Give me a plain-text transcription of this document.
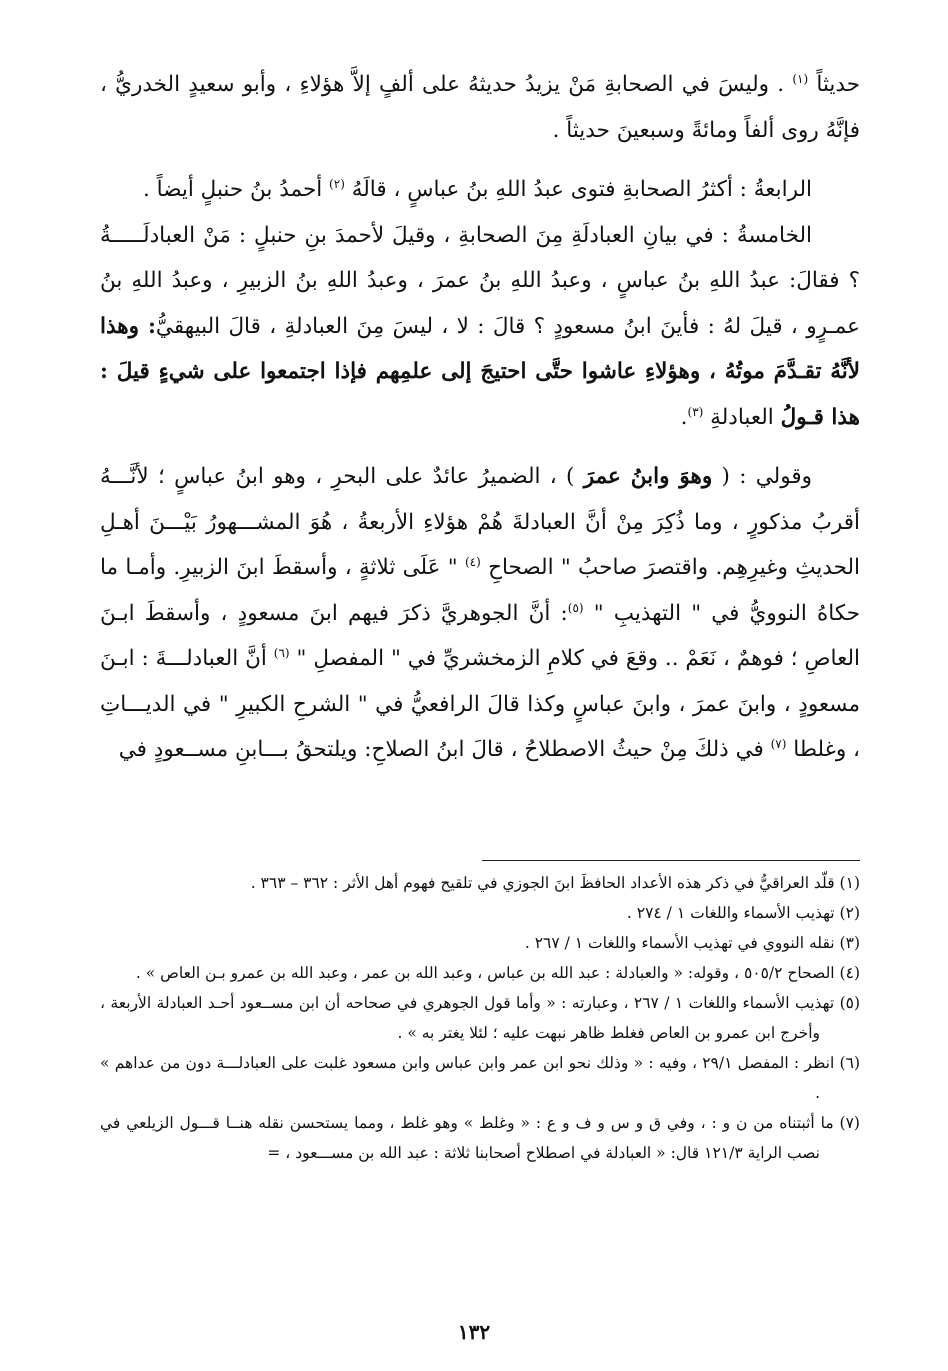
حديثاً $^{(١)}$ . وليسَ في الصحابةِ مَنْ يزيدُ حديثهُ على ألفٍ إلاَّ هؤلاءِ ، وأبو سعيدٍ الخدريُّ ، فإنَّهُ روى ألفاً ومائةً وسبعينَ حديثاً .

الرابعةُ : أكثرُ الصحابةِ فتوى عبدُ اللهِ بنُ عباسٍ ، قالَهُ $^{(٢)}$ أحمدُ بنُ حنبلٍ أيضاً .

الخامسةُ : في بيانِ العبادلَةِ مِنَ الصحابةِ ، وقيلَ لأحمدَ بنِ حنبلٍ : مَنْ العبادلَـــــةُ ؟ فقالَ: عبدُ اللهِ بنُ عباسٍ ، وعبدُ اللهِ بنُ عمرَ ، وعبدُ اللهِ بنُ الزبيرِ ، وعبدُ اللهِ بنُ عمـرٍو ، قيلَ لهُ : فأينَ ابنُ مسعودٍ ؟ قالَ : لا ، ليسَ مِنَ العبادلةِ ، قالَ البيهقيُّ: وهذا لأنَّهُ تقـدَّمَ موتُهُ ، وهؤلاءِ عاشوا حتَّى احتيجَ إلى علمِهم فإذا اجتمعوا على شيءٍ قيلَ : هذا قـولُ العبادلةِ $^{(٣)}$.

وقولي : ( وهوَ وابنُ عمرَ ) ، الضميرُ عائدٌ على البحرِ ، وهو ابنُ عباسٍ ؛ لأنَّـــهُ أقربُ مذكورٍ ، وما ذُكِرَ مِنْ أنَّ العبادلةَ هُمْ هؤلاءِ الأربعةُ ، هُوَ المشـــهورُ بَيْـــنَ أهـلِ الحديثِ وغيرِهِم. واقتصرَ صاحبُ " الصحاحِ $^{(٤)}$ " عَلَى ثلاثةٍ ، وأسقطَ ابنَ الزبيرِ. وأمـا ما حكاهُ النوويُّ في " التهذيبِ " $^{(٥)}$: أنَّ الجوهريَّ ذكرَ فيهم ابنَ مسعودٍ ، وأسقطَ ابـنَ العاصِ ؛ فوهمٌ ، نَعَمْ .. وقعَ في كلامِ الزمخشريِّ في " المفصلِ " $^{(٦)}$ أنَّ العبادلـــةَ : ابـنَ مسعودٍ ، وابنَ عمرَ ، وابنَ عباسٍ وكذا قالَ الرافعيُّ في " الشرحِ الكبيرِ " في الديـــاتِ ، وغلطا $^{(٧)}$ في ذلكَ مِنْ حيثُ الاصطلاحُ ، قالَ ابنُ الصلاحِ: ويلتحقُ بـــابنِ مســعودٍ في

(١) قلّد العراقيُّ في ذكر هذه الأعداد الحافظَ ابنَ الجوزي في تلقيح فهوم أهل الأثر : ٣٦٢ – ٣٦٣ .

(٢) تهذيب الأسماء واللغات ١ / ٢٧٤ .

(٣) نقله النووي في تهذيب الأسماء واللغات ١ / ٢٦٧ .

(٤) الصحاح ٥٠٥/٢ ، وقوله: « والعبادلة : عبد الله بن عباس ، وعبد الله بن عمر ، وعبد الله بن عمرو بـن العاص » .

(٥) تهذيب الأسماء واللغات ١ / ٢٦٧ ، وعبارته : « وأما قول الجوهري في صحاحه أن ابن مســعود أحـد العبادلة الأربعة ، وأخرج ابن عمرو بن العاص فغلط ظاهر نبهت عليه ؛ لئلا يغتر به » .

(٦) انظر : المفصل ٢٩/١ ، وفيه : « وذلك نحو ابن عمر وابن عباس وابن مسعود غلبت على العبادلـــة دون من عداهم » .

(٧) ما أثبتناه من ن و : ، وفي ق و س و ف و ع : « وغلط » وهو غلط ، ومما يستحسن نقله هنــا قـــول الزيلعي في نصب الراية ١٢١/٣ قال: « العبادلة في اصطلاح أصحابنا ثلاثة : عبد الله بن مســـعود ، =

١٣٢
